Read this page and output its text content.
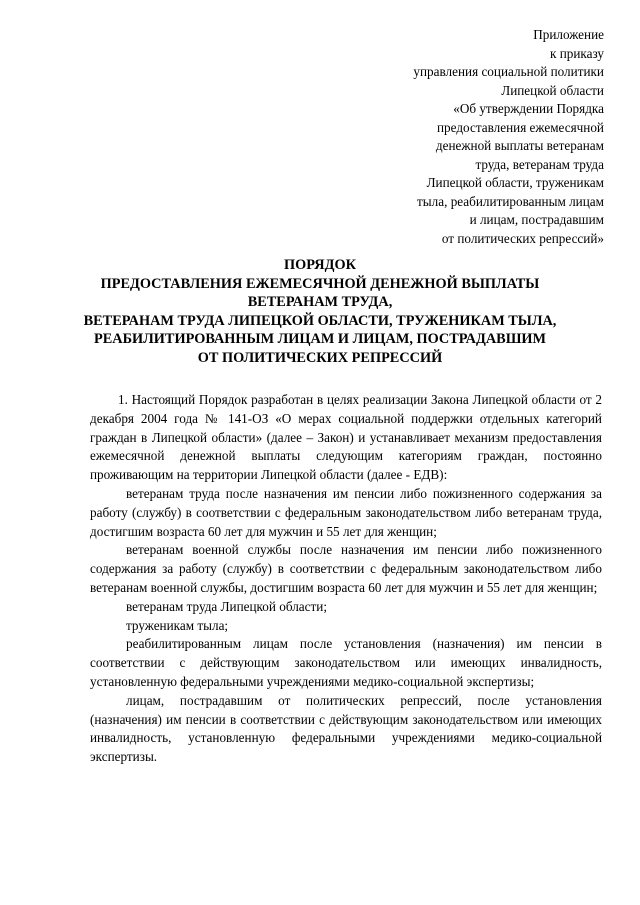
Приложение
к приказу
управления социальной политики
Липецкой области
«Об утверждении Порядка
предоставления ежемесячной
денежной выплаты ветеранам
труда, ветеранам труда
Липецкой области, труженикам
тыла, реабилитированным лицам
и лицам, пострадавшим
от политических репрессий»
ПОРЯДОК
ПРЕДОСТАВЛЕНИЯ ЕЖЕМЕСЯЧНОЙ ДЕНЕЖНОЙ ВЫПЛАТЫ
ВЕТЕРАНАМ ТРУДА,
ВЕТЕРАНАМ ТРУДА ЛИПЕЦКОЙ ОБЛАСТИ, ТРУЖЕНИКАМ ТЫЛА,
РЕАБИЛИТИРОВАННЫМ ЛИЦАМ И ЛИЦАМ, ПОСТРАДАВШИМ
ОТ ПОЛИТИЧЕСКИХ РЕПРЕССИЙ

1. Настоящий Порядок разработан в целях реализации Закона Липецкой области от 2 декабря 2004 года № 141-ОЗ «О мерах социальной поддержки отдельных категорий граждан в Липецкой области» (далее – Закон) и устанавливает механизм предоставления ежемесячной денежной выплаты следующим категориям граждан, постоянно проживающим на территории Липецкой области (далее - ЕДВ):

ветеранам труда после назначения им пенсии либо пожизненного содержания за работу (службу) в соответствии с федеральным законодательством либо ветеранам труда, достигшим возраста 60 лет для мужчин и 55 лет для женщин;

ветеранам военной службы после назначения им пенсии либо пожизненного содержания за работу (службу) в соответствии с федеральным законодательством либо ветеранам военной службы, достигшим возраста 60 лет для мужчин и 55 лет для женщин;

ветеранам труда Липецкой области;

труженикам тыла;

реабилитированным лицам после установления (назначения) им пенсии в соответствии с действующим законодательством или имеющих инвалидность, установленную федеральными учреждениями медико-социальной экспертизы;

лицам, пострадавшим от политических репрессий, после установления (назначения) им пенсии в соответствии с действующим законодательством или имеющих инвалидность, установленную федеральными учреждениями медико-социальной экспертизы.
